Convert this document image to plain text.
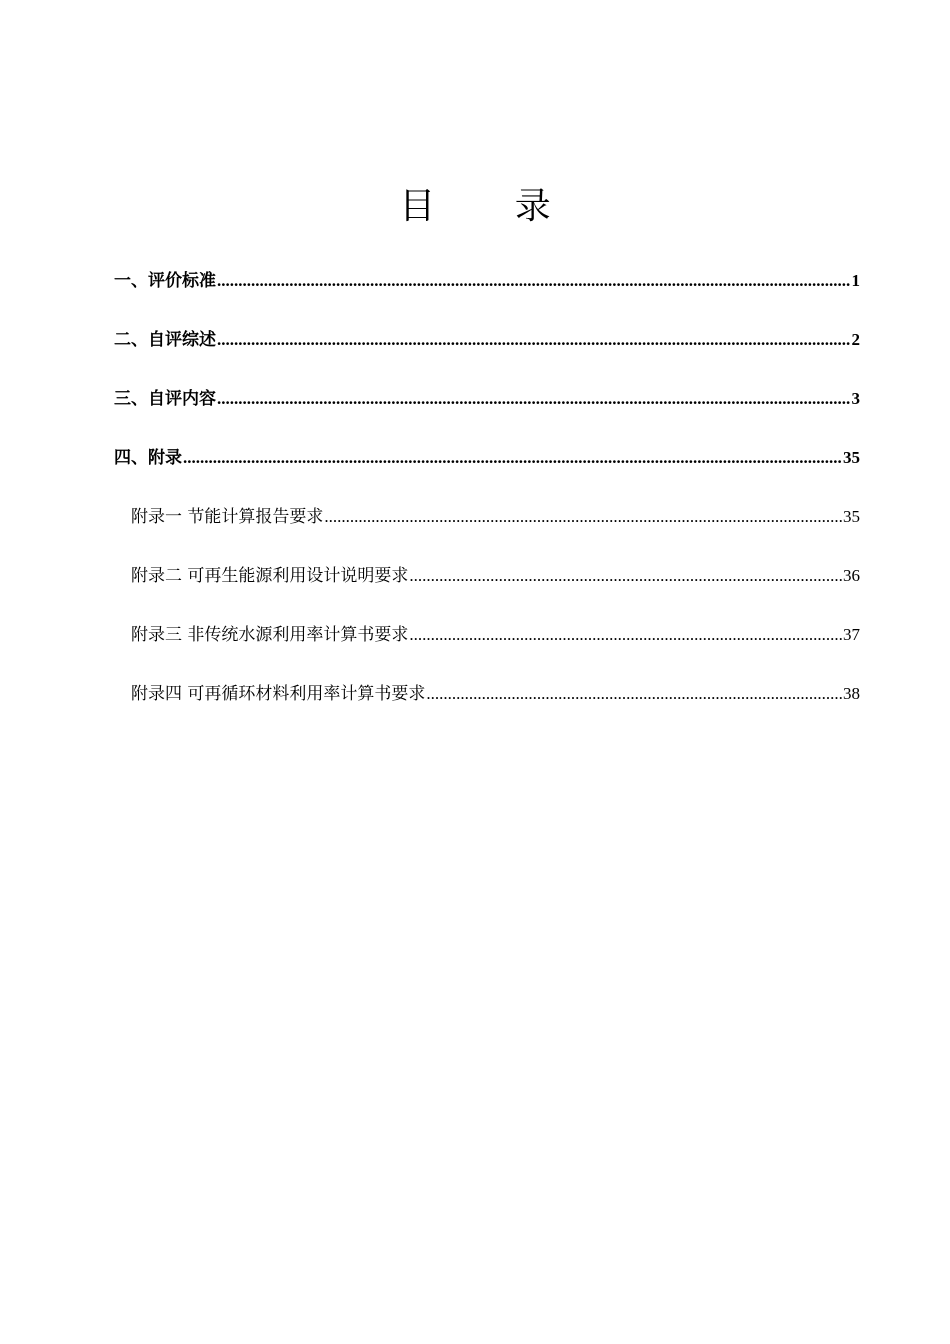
目 录
一、评价标准 .....	1
二、自评综述 .....	2
三、自评内容 .....	3
四、附录 .....	35
附录一 节能计算报告要求 .....	35
附录二 可再生能源利用设计说明要求 .....	36
附录三 非传统水源利用率计算书要求 .....	37
附录四 可再循环材料利用率计算书要求 .....	38
